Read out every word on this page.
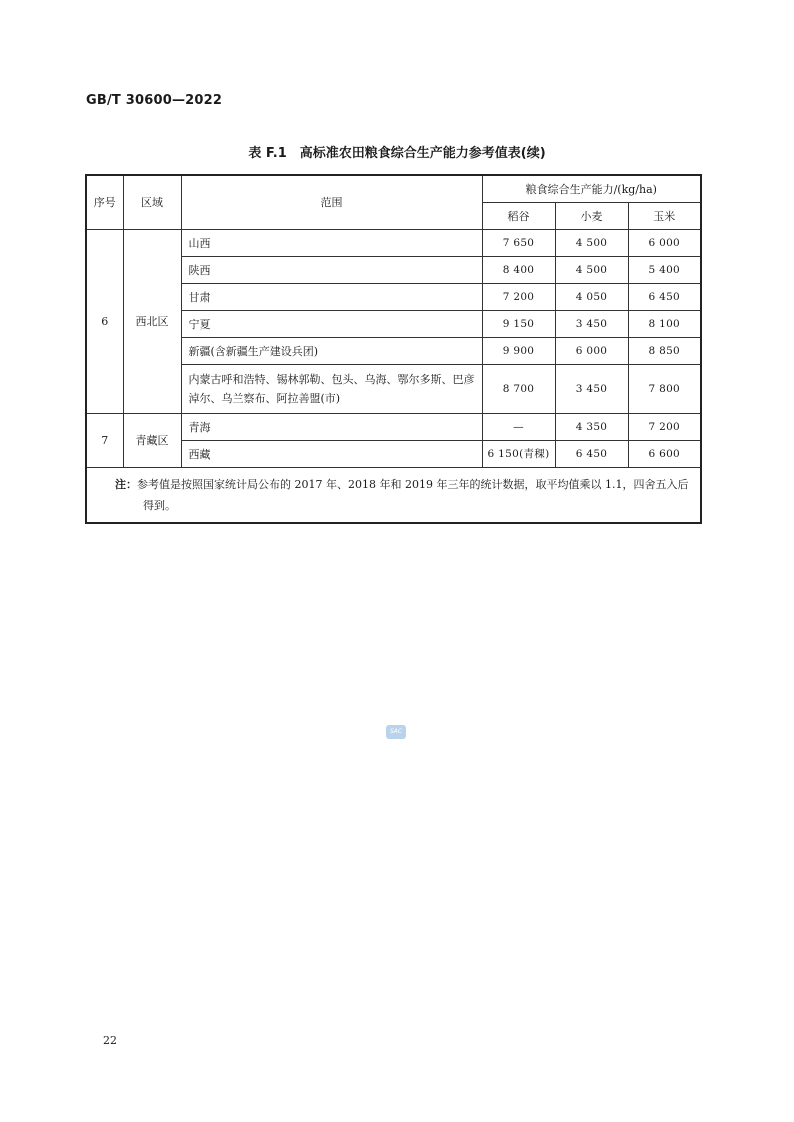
GB/T 30600—2022
表 F.1　高标准农田粮食综合生产能力参考值表(续)
序号	区域	范围	粮食综合生产能力/(kg/ha)		
			稻谷	小麦	玉米
6	西北区	山西	7 650	4 500	6 000
		陕西	8 400	4 500	5 400
		甘肃	7 200	4 050	6 450
		宁夏	9 150	3 450	8 100
		新疆(含新疆生产建设兵团)	9 900	6 000	8 850
		内蒙古呼和浩特、锡林郭勒、包头、乌海、鄂尔多斯、巴彦
淖尔、乌兰察布、阿拉善盟(市)	8 700	3 450	7 800
7	青藏区	青海	—	4 350	7 200
		西藏	6 150(青稞)	6 450	6 600
注：参考值是按照国家统计局公布的 2017 年、2018 年和 2019 年三年的统计数据，取平均值乘以 1.1，四舍五入后
得到。					
SAC
22
